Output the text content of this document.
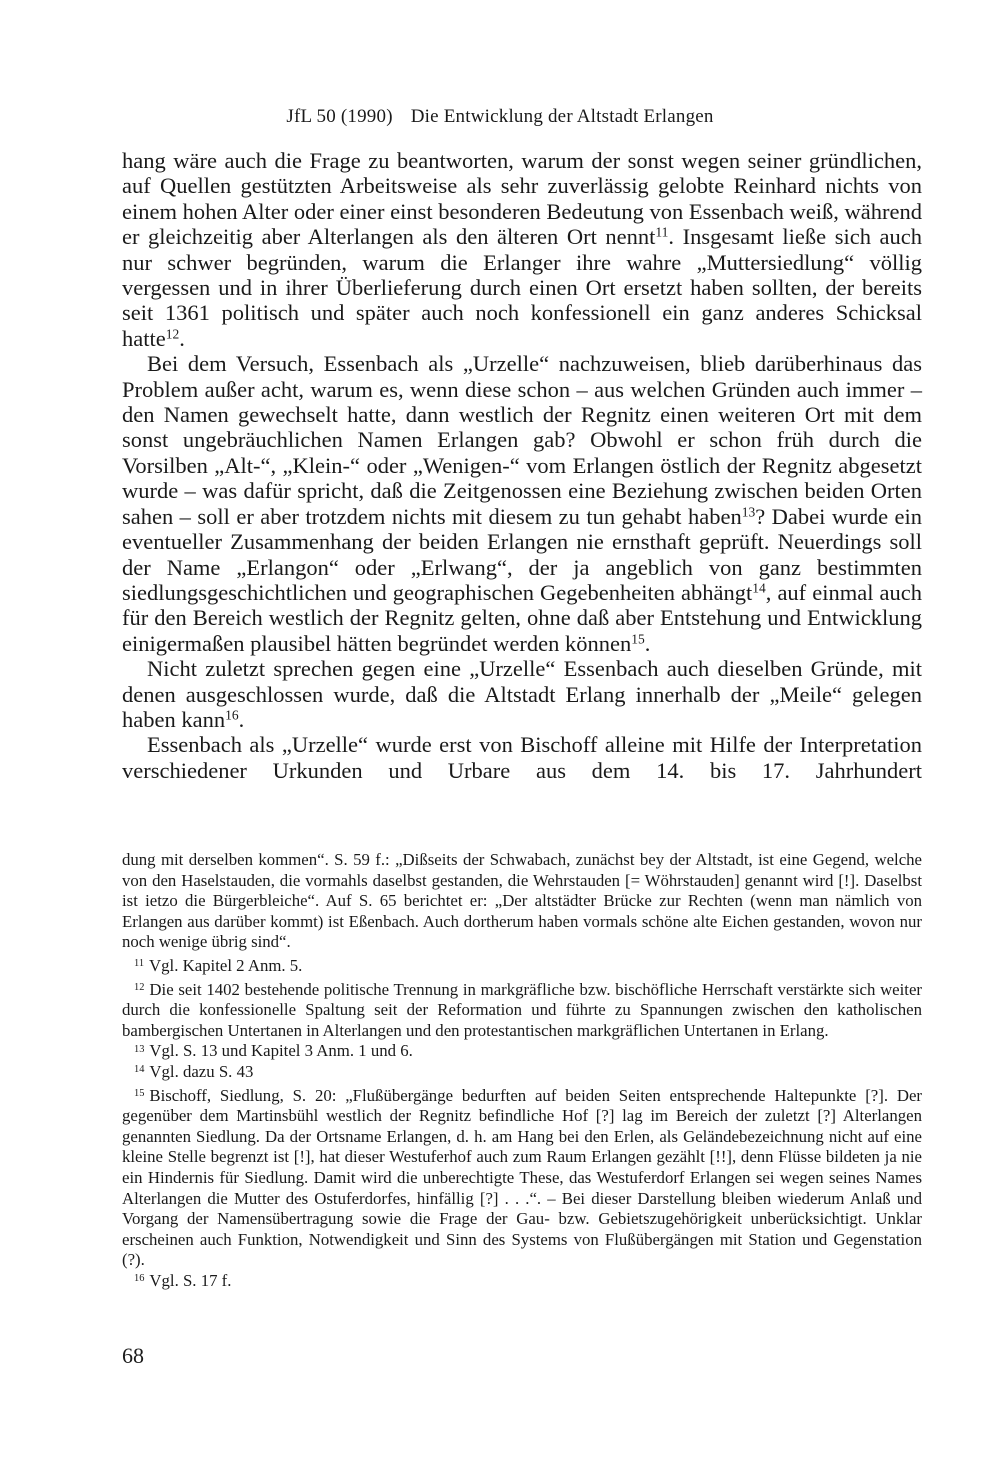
JfL 50 (1990) Die Entwicklung der Altstadt Erlangen

hang wäre auch die Frage zu beantworten, warum der sonst wegen seiner gründlichen, auf Quellen gestützten Arbeitsweise als sehr zuverlässig gelobte Reinhard nichts von einem hohen Alter oder einer einst besonderen Bedeutung von Essenbach weiß, während er gleichzeitig aber Alterlangen als den älteren Ort nennt$^{11}$. Insgesamt ließe sich auch nur schwer begründen, warum die Erlanger ihre wahre „Muttersiedlung“ völlig vergessen und in ihrer Überlieferung durch einen Ort ersetzt haben sollten, der bereits seit 1361 politisch und später auch noch konfessionell ein ganz anderes Schicksal hatte$^{12}$.

Bei dem Versuch, Essenbach als „Urzelle“ nachzuweisen, blieb darüberhinaus das Problem außer acht, warum es, wenn diese schon – aus welchen Gründen auch immer – den Namen gewechselt hatte, dann westlich der Regnitz einen weiteren Ort mit dem sonst ungebräuchlichen Namen Erlangen gab? Obwohl er schon früh durch die Vorsilben „Alt-“, „Klein-“ oder „Wenigen-“ vom Erlangen östlich der Regnitz abgesetzt wurde – was dafür spricht, daß die Zeitgenossen eine Beziehung zwischen beiden Orten sahen – soll er aber trotzdem nichts mit diesem zu tun gehabt haben$^{13}$? Dabei wurde ein eventueller Zusammenhang der beiden Erlangen nie ernsthaft geprüft. Neuerdings soll der Name „Erlangon“ oder „Erlwang“, der ja angeblich von ganz bestimmten siedlungsgeschichtlichen und geographischen Gegebenheiten abhängt$^{14}$, auf einmal auch für den Bereich westlich der Regnitz gelten, ohne daß aber Entstehung und Entwicklung einigermaßen plausibel hätten begründet werden können$^{15}$.

Nicht zuletzt sprechen gegen eine „Urzelle“ Essenbach auch dieselben Gründe, mit denen ausgeschlossen wurde, daß die Altstadt Erlang innerhalb der „Meile“ gelegen haben kann$^{16}$.

Essenbach als „Urzelle“ wurde erst von Bischoff alleine mit Hilfe der Interpretation verschiedener Urkunden und Urbare aus dem 14. bis 17. Jahrhundert

dung mit derselben kommen“. S. 59 f.: „Dißseits der Schwabach, zunächst bey der Altstadt, ist eine Gegend, welche von den Haselstauden, die vormahls daselbst gestanden, die Wehrstauden [= Wöhrstauden] genannt wird [!]. Daselbst ist ietzo die Bürgerbleiche“. Auf S. 65 berichtet er: „Der altstädter Brücke zur Rechten (wenn man nämlich von Erlangen aus darüber kommt) ist Eßenbach. Auch dortherum haben vormals schöne alte Eichen gestanden, wovon nur noch wenige übrig sind“.

$^{11}$ Vgl. Kapitel 2 Anm. 5.

$^{12}$ Die seit 1402 bestehende politische Trennung in markgräfliche bzw. bischöfliche Herrschaft verstärkte sich weiter durch die konfessionelle Spaltung seit der Reformation und führte zu Spannungen zwischen den katholischen bambergischen Untertanen in Alterlangen und den protestantischen markgräflichen Untertanen in Erlang.

$^{13}$ Vgl. S. 13 und Kapitel 3 Anm. 1 und 6.

$^{14}$ Vgl. dazu S. 43

$^{15}$ Bischoff, Siedlung, S. 20: „Flußübergänge bedurften auf beiden Seiten entsprechende Haltepunkte [?]. Der gegenüber dem Martinsbühl westlich der Regnitz befindliche Hof [?] lag im Bereich der zuletzt [?] Alterlangen genannten Siedlung. Da der Ortsname Erlangen, d. h. am Hang bei den Erlen, als Geländebezeichnung nicht auf eine kleine Stelle begrenzt ist [!], hat dieser Westuferhof auch zum Raum Erlangen gezählt [!!], denn Flüsse bildeten ja nie ein Hindernis für Siedlung. Damit wird die unberechtigte These, das Westuferdorf Erlangen sei wegen seines Names Alterlangen die Mutter des Ostuferdorfes, hinfällig [?] . . .“. – Bei dieser Darstellung bleiben wiederum Anlaß und Vorgang der Namensübertragung sowie die Frage der Gau- bzw. Gebietszugehörigkeit unberücksichtigt. Unklar erscheinen auch Funktion, Notwendigkeit und Sinn des Systems von Flußübergängen mit Station und Gegenstation (?).

$^{16}$ Vgl. S. 17 f.

68
